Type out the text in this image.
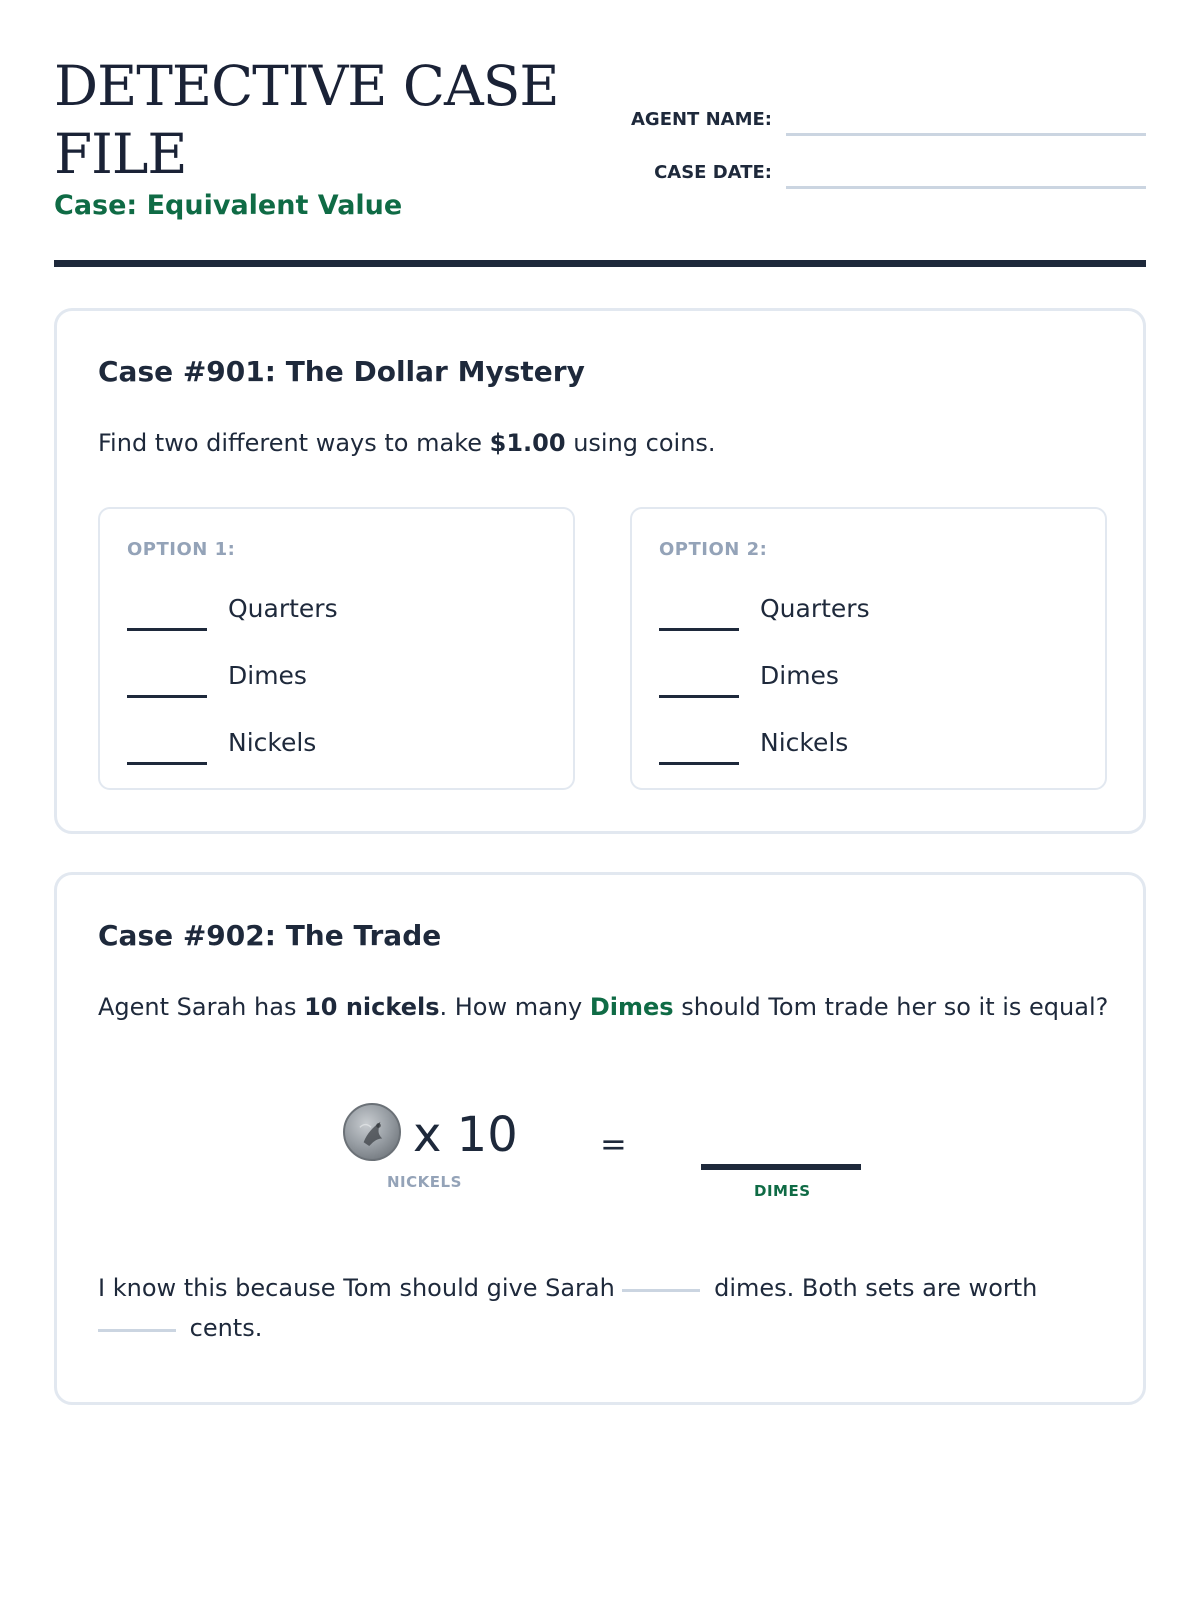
DETECTIVE CASE FILE
Case: Equivalent Value
AGENT NAME:
CASE DATE:
Case #901: The Dollar Mystery
Find two different ways to make $1.00 using coins.
OPTION 1:
Quarters
Dimes
Nickels
OPTION 2:
Quarters
Dimes
Nickels
Case #902: The Trade
Agent Sarah has 10 nickels. How many Dimes should Tom trade her so it is equal?
x 10
NICKELS
=
DIMES
I know this because Tom should give Sarah	dimes. Both sets are worth
cents.
